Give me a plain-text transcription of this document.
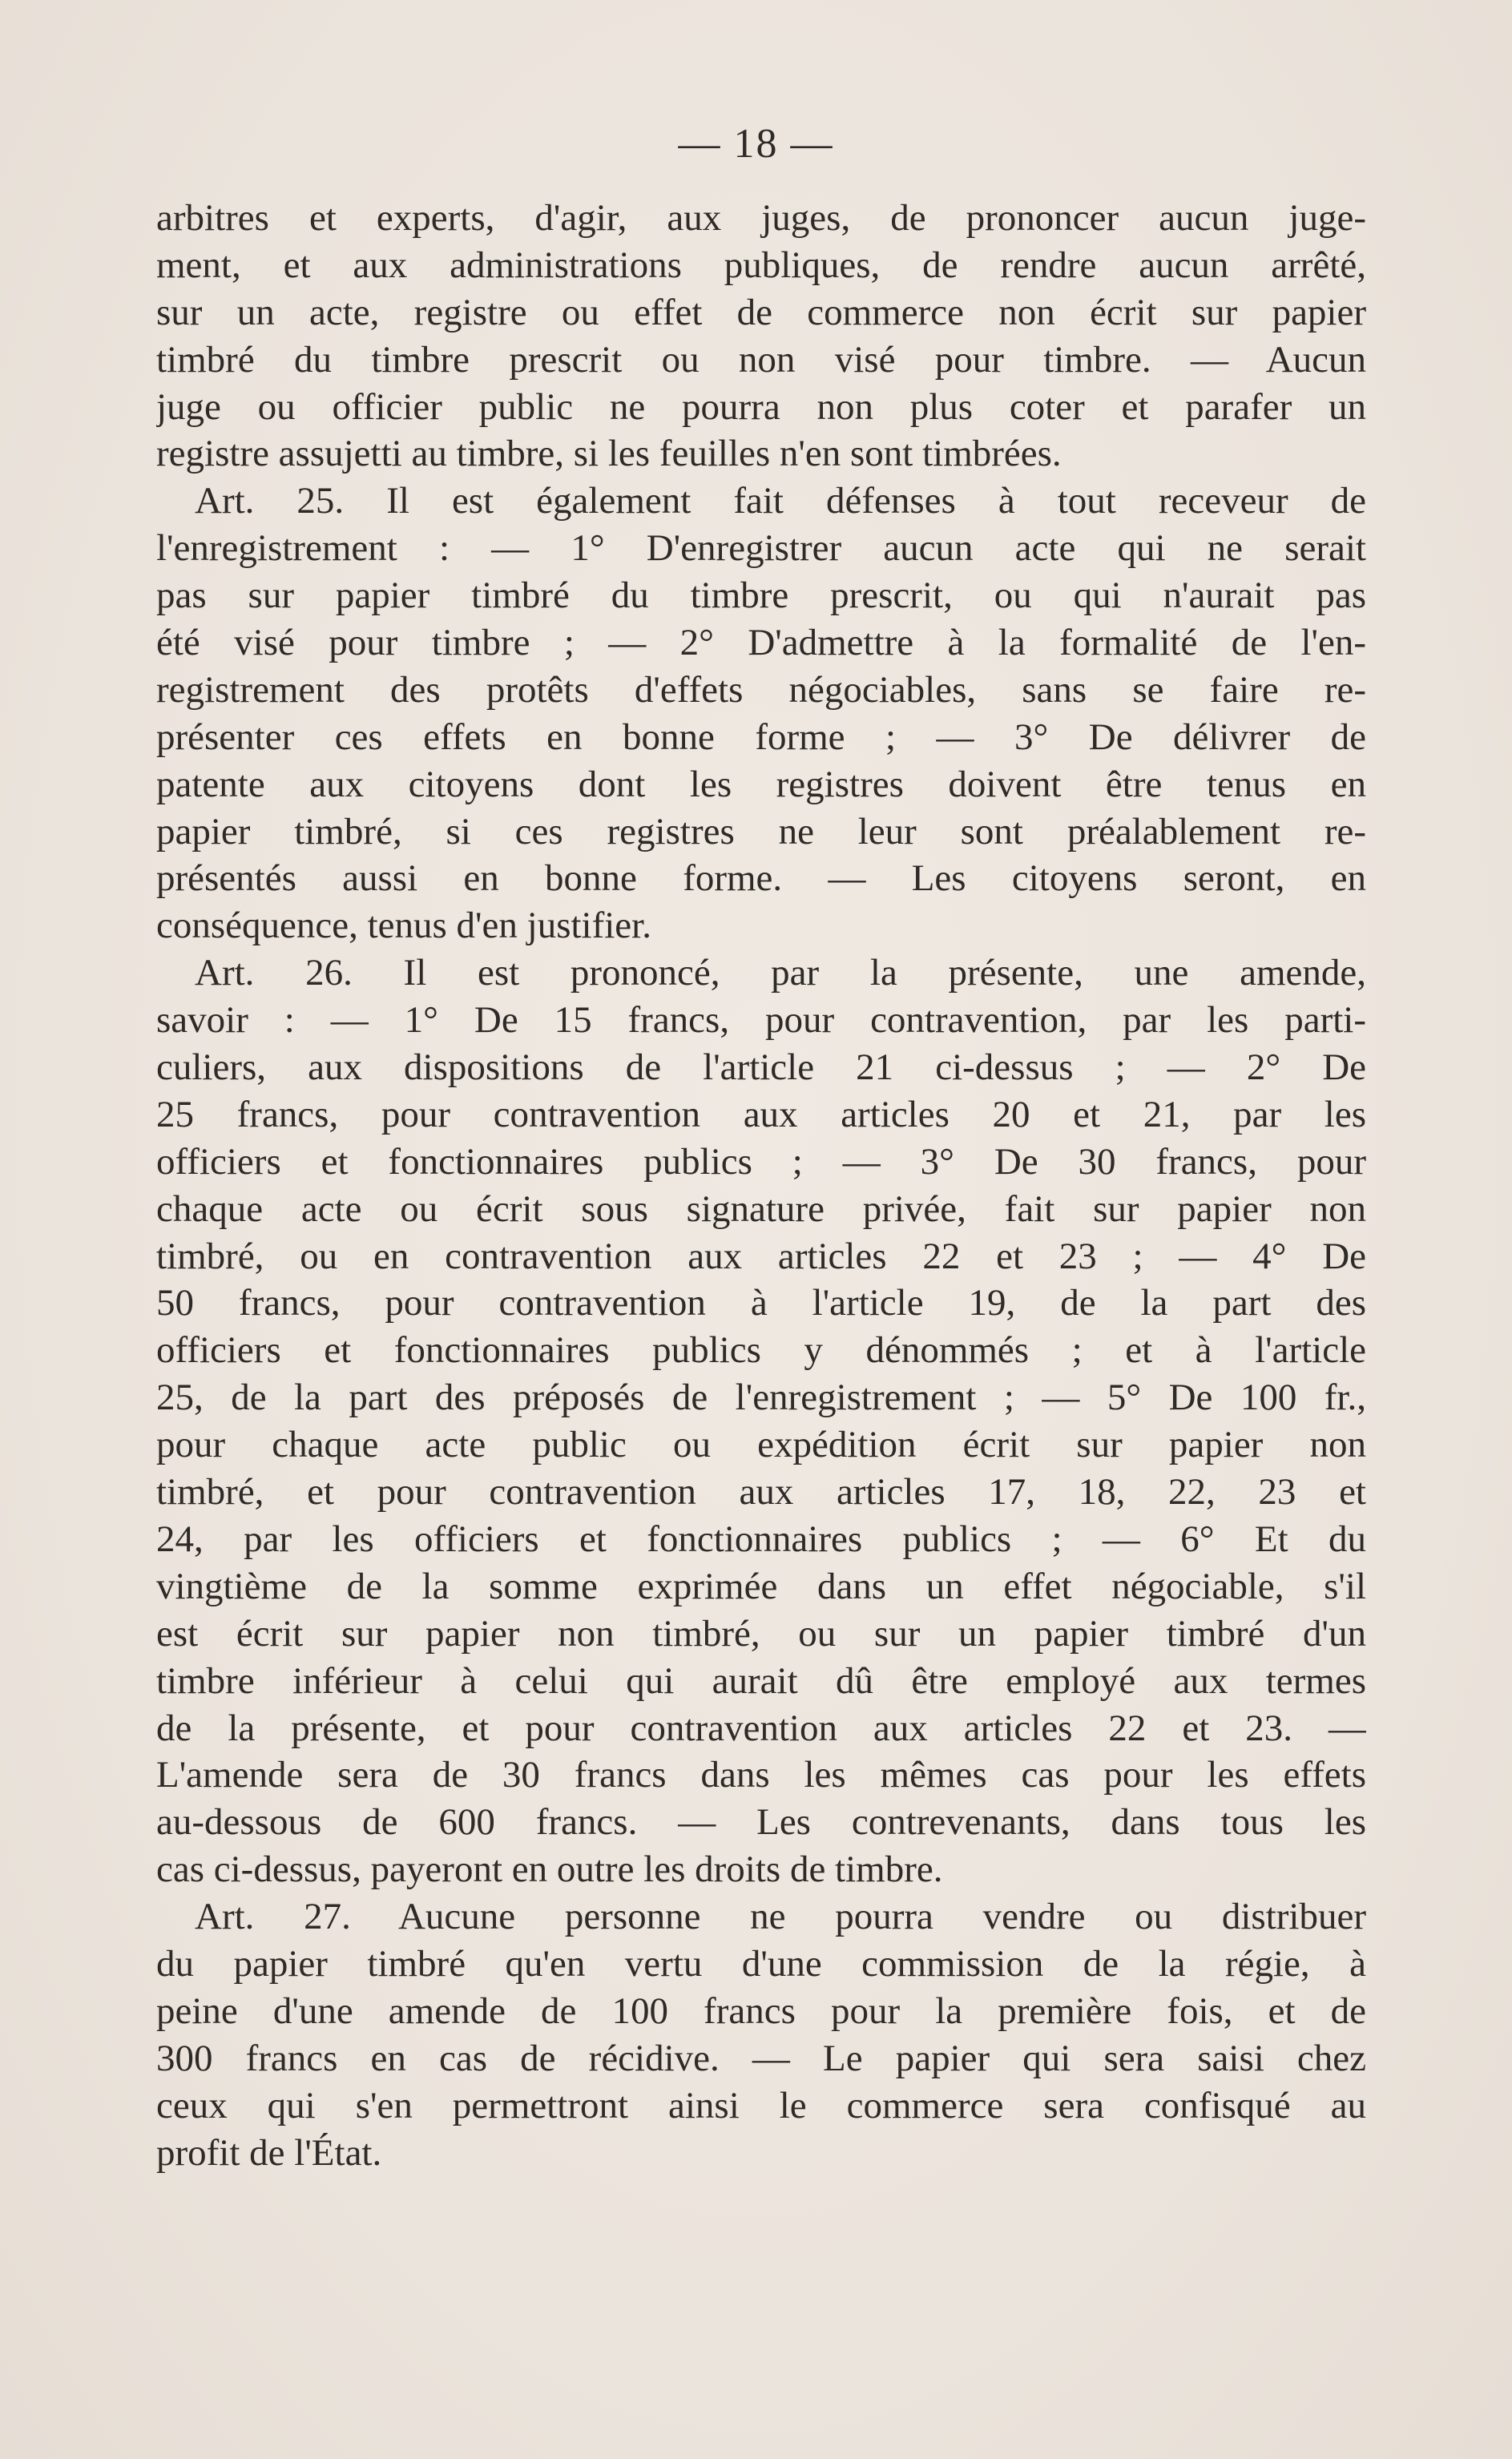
— 18 —
arbitres et experts, d'agir, aux juges, de prononcer aucun juge-
ment, et aux administrations publiques, de rendre aucun arrêté,
sur un acte, registre ou effet de commerce non écrit sur papier
timbré du timbre prescrit ou non visé pour timbre. — Aucun
juge ou officier public ne pourra non plus coter et parafer un
registre assujetti au timbre, si les feuilles n'en sont timbrées.
Art. 25. Il est également fait défenses à tout receveur de
l'enregistrement : — 1° D'enregistrer aucun acte qui ne serait
pas sur papier timbré du timbre prescrit, ou qui n'aurait pas
été visé pour timbre ; — 2° D'admettre à la formalité de l'en-
registrement des protêts d'effets négociables, sans se faire re-
présenter ces effets en bonne forme ; — 3° De délivrer de
patente aux citoyens dont les registres doivent être tenus en
papier timbré, si ces registres ne leur sont préalablement re-
présentés aussi en bonne forme. — Les citoyens seront, en
conséquence, tenus d'en justifier.
Art. 26. Il est prononcé, par la présente, une amende,
savoir : — 1° De 15 francs, pour contravention, par les parti-
culiers, aux dispositions de l'article 21 ci-dessus ; — 2° De
25 francs, pour contravention aux articles 20 et 21, par les
officiers et fonctionnaires publics ; — 3° De 30 francs, pour
chaque acte ou écrit sous signature privée, fait sur papier non
timbré, ou en contravention aux articles 22 et 23 ; — 4° De
50 francs, pour contravention à l'article 19, de la part des
officiers et fonctionnaires publics y dénommés ; et à l'article
25, de la part des préposés de l'enregistrement ; — 5° De 100 fr.,
pour chaque acte public ou expédition écrit sur papier non
timbré, et pour contravention aux articles 17, 18, 22, 23 et
24, par les officiers et fonctionnaires publics ; — 6° Et du
vingtième de la somme exprimée dans un effet négociable, s'il
est écrit sur papier non timbré, ou sur un papier timbré d'un
timbre inférieur à celui qui aurait dû être employé aux termes
de la présente, et pour contravention aux articles 22 et 23. —
L'amende sera de 30 francs dans les mêmes cas pour les effets
au-dessous de 600 francs. — Les contrevenants, dans tous les
cas ci-dessus, payeront en outre les droits de timbre.
Art. 27. Aucune personne ne pourra vendre ou distribuer
du papier timbré qu'en vertu d'une commission de la régie, à
peine d'une amende de 100 francs pour la première fois, et de
300 francs en cas de récidive. — Le papier qui sera saisi chez
ceux qui s'en permettront ainsi le commerce sera confisqué au
profit de l'État.
